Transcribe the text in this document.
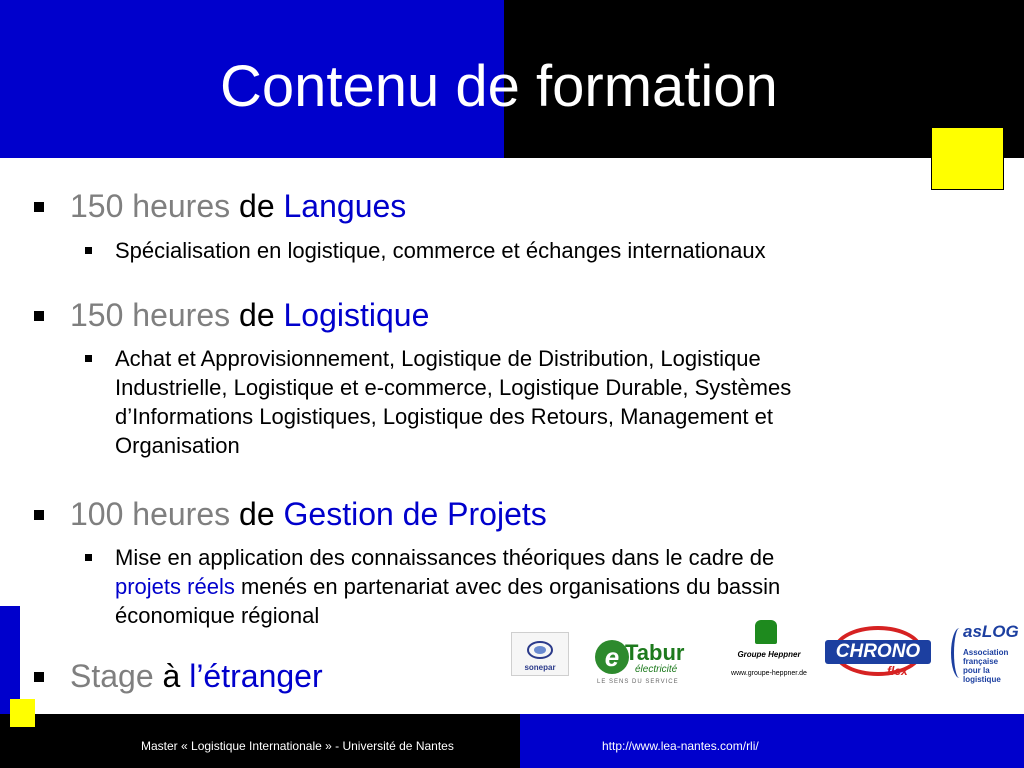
Contenu de formation
150 heures de Langues
Spécialisation en logistique, commerce et échanges internationaux
150 heures de Logistique
Achat et Approvisionnement, Logistique de Distribution, Logistique
Industrielle, Logistique et e-commerce, Logistique Durable, Systèmes
d’Informations Logistiques, Logistique des Retours, Management et
Organisation
100 heures de Gestion de Projets
Mise en application des connaissances théoriques dans le cadre de
projets réels menés en partenariat avec des organisations du bassin
économique régional
Stage à l’étranger	sonepar	e Tabur
électricité
LE SENS DU SERVICE
Groupe Heppner
www.groupe-heppner.de
CHRONO
flex
asLOG
Association
française
pour la
logistique
Master « Logistique Internationale » - Université de Nantes	http://www.lea-nantes.com/rli/
